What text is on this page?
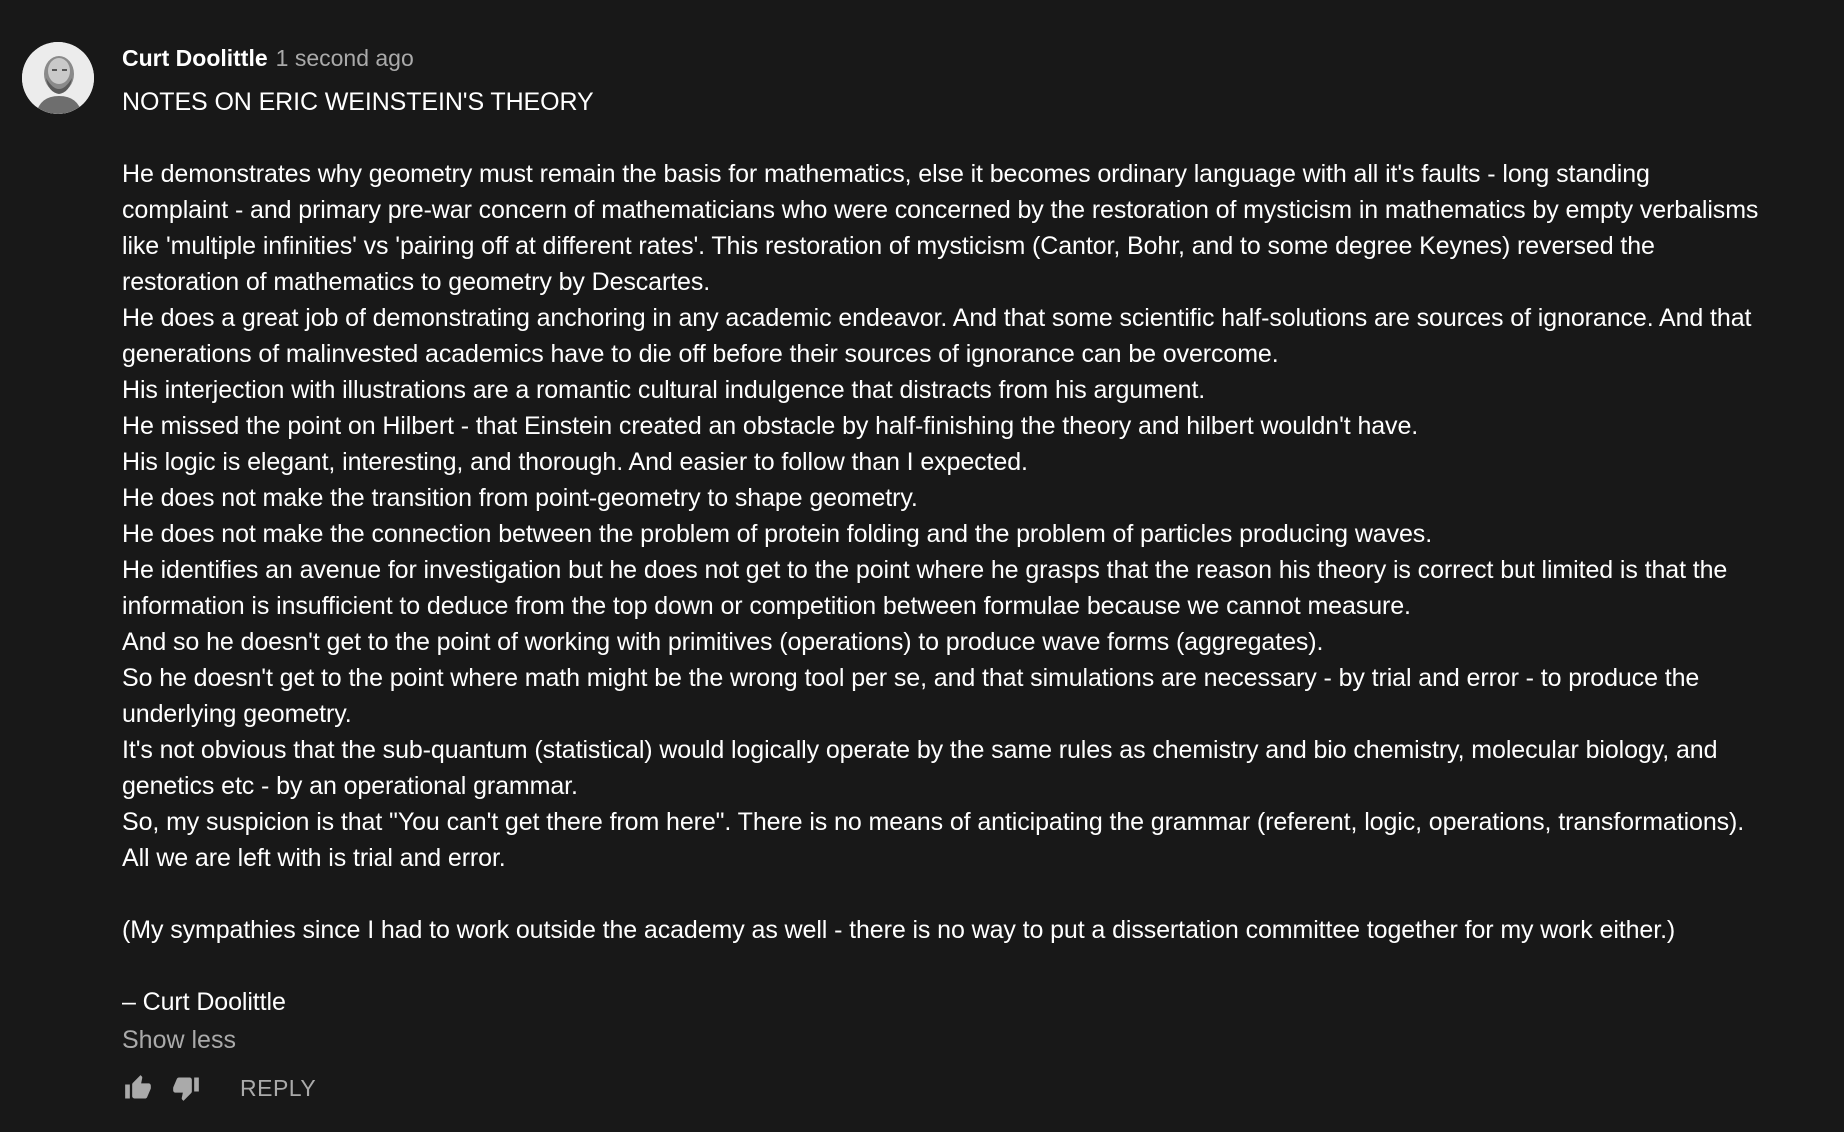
Curt Doolittle 1 second ago

NOTES ON ERIC WEINSTEIN'S THEORY

He demonstrates why geometry must remain the basis for mathematics, else it becomes ordinary language with all it's faults - long standing complaint - and primary pre-war concern of mathematicians who were concerned by the restoration of mysticism in mathematics by empty verbalisms like 'multiple infinities' vs 'pairing off at different rates'. This restoration of mysticism (Cantor, Bohr, and to some degree Keynes) reversed the restoration of mathematics to geometry by Descartes.

He does a great job of demonstrating anchoring in any academic endeavor. And that some scientific half-solutions are sources of ignorance. And that generations of malinvested academics have to die off before their sources of ignorance can be overcome.

His interjection with illustrations are a romantic cultural indulgence that distracts from his argument.

He missed the point on Hilbert - that Einstein created an obstacle by half-finishing the theory and hilbert wouldn't have.

His logic is elegant, interesting, and thorough. And easier to follow than I expected.

He does not make the transition from point-geometry to shape geometry.

He does not make the connection between the problem of protein folding and the problem of particles producing waves.

He identifies an avenue for investigation but he does not get to the point where he grasps that the reason his theory is correct but limited is that the information is insufficient to deduce from the top down or competition between formulae because we cannot measure.

And so he doesn't get to the point of working with primitives (operations) to produce wave forms (aggregates).

So he doesn't get to the point where math might be the wrong tool per se, and that simulations are necessary - by trial and error - to produce the underlying geometry.

It's not obvious that the sub-quantum (statistical) would logically operate by the same rules as chemistry and bio chemistry, molecular biology, and genetics etc - by an operational grammar.

So, my suspicion is that "You can't get there from here". There is no means of anticipating the grammar (referent, logic, operations, transformations). All we are left with is trial and error.

(My sympathies since I had to work outside the academy as well - there is no way to put a dissertation committee together for my work either.)

– Curt Doolittle

Show less
REPLY
